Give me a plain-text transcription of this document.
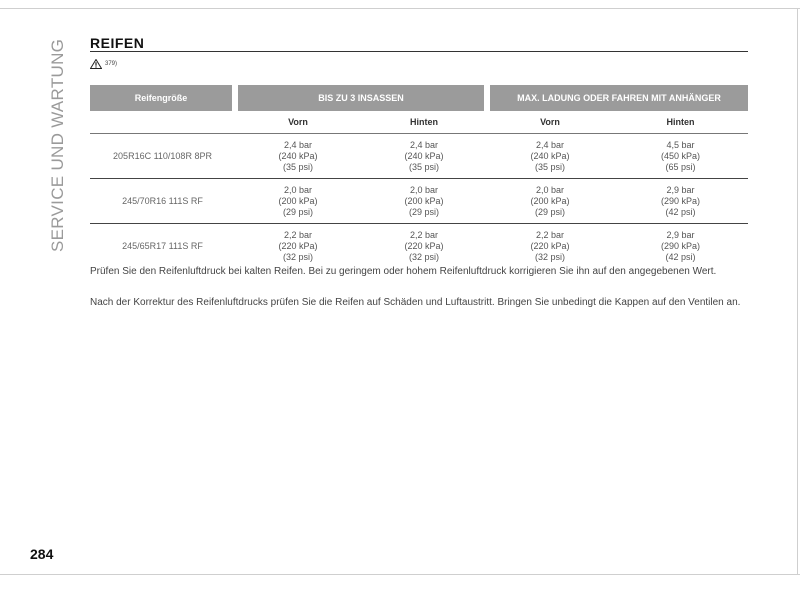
SERVICE UND WARTUNG REIFEN
379)
Reifengröße	BIS ZU 3 INSASSEN		MAX. LADUNG ODER FAHREN MIT ANHÄNGER	
	Vorn	Hinten	Vorn	Hinten
205R16C 110/108R 8PR	2,4 bar
(240 kPa)
(35 psi)	2,4 bar
(240 kPa)
(35 psi)	2,4 bar
(240 kPa)
(35 psi)	4,5 bar
(450 kPa)
(65 psi)

245/70R16 111S RF	2,0 bar
(200 kPa)
(29 psi)	2,0 bar
(200 kPa)
(29 psi)	2,0 bar
(200 kPa)
(29 psi)	2,9 bar
(290 kPa)
(42 psi)

245/65R17 111S RF	2,2 bar
(220 kPa)
(32 psi)	2,2 bar
(220 kPa)
(32 psi)	2,2 bar
(220 kPa)
(32 psi)	2,9 bar
(290 kPa)
(42 psi)

Prüfen Sie den Reifenluftdruck bei kalten Reifen. Bei zu geringem oder hohem Reifenluftdruck korrigieren Sie ihn auf den angegebenen Wert.

Nach der Korrektur des Reifenluftdrucks prüfen Sie die Reifen auf Schäden und Luftaustritt. Bringen Sie unbedingt die Kappen auf den Ventilen an.

284
